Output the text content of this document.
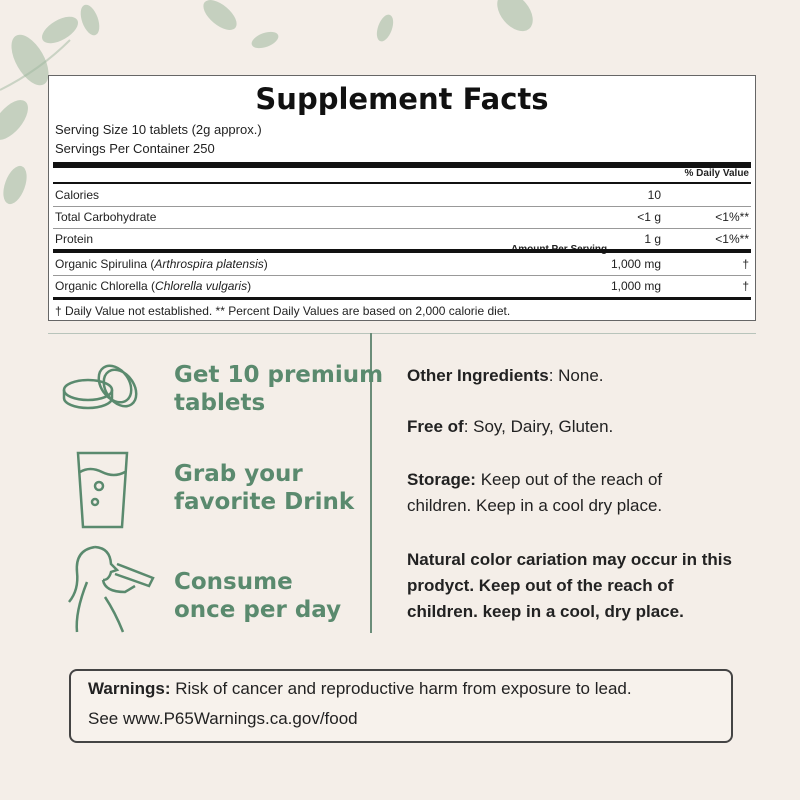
Supplement Facts
Serving Size 10 tablets (2g approx.)
Servings Per Container 250
% Daily Value
Calories	10
Total Carbohydrate	<1 g	<1%**
Protein	1 g	<1%**
Organic Spirulina (Arthrospira platensis)	1,000 mg	†
Organic Chlorella (Chlorella vulgaris)	1,000 mg	†
† Daily Value not established. ** Percent Daily Values are based on 2,000 calorie diet.
Get 10 premium
tablets
Grab your
favorite Drink
Consume
once per day
Other Ingredients: None.
Free of: Soy, Dairy, Gluten.
Storage: Keep out of the reach of children. Keep in a cool dry place.
Natural color cariation may occur in this prodyct. Keep out of the reach of children. keep in a cool, dry place.
Warnings: Risk of cancer and reproductive harm from exposure to lead.
See www.P65Warnings.ca.gov/food
